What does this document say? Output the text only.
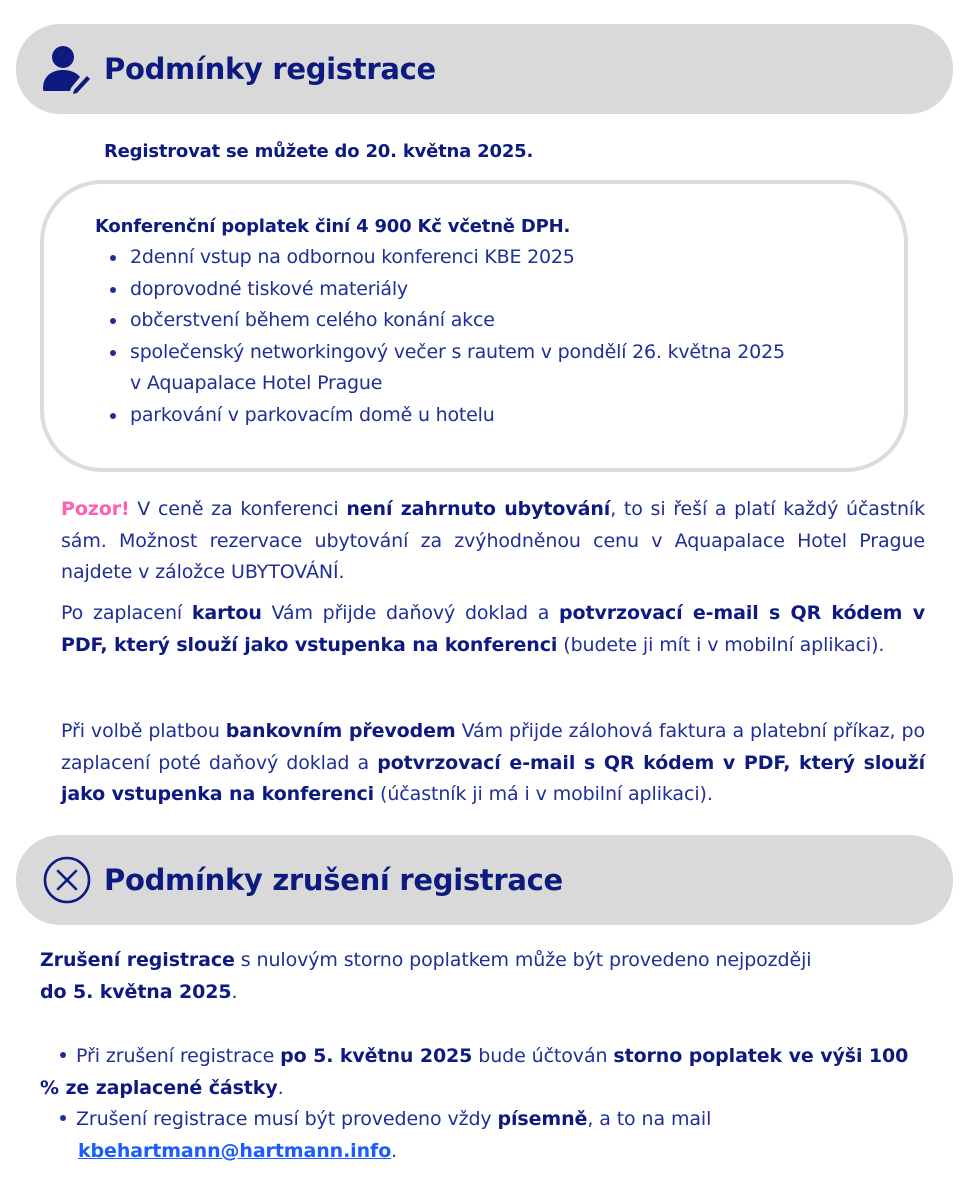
Podmínky registrace
Registrovat se můžete do 20. května 2025.
Konferenční poplatek činí 4 900 Kč včetně DPH.
2denní vstup na odbornou konferenci KBE 2025
doprovodné tiskové materiály
občerstvení během celého konání akce
společenský networkingový večer s rautem v pondělí 26. května 2025
v Aquapalace Hotel Prague
parkování v parkovacím domě u hotelu

Pozor! V ceně za konferenci není zahrnuto ubytování, to si řeší a platí každý účastník sám. Možnost rezervace ubytování za zvýhodněnou cenu v Aquapalace Hotel Prague najdete v záložce UBYTOVÁNÍ.

Po zaplacení kartou Vám přijde daňový doklad a potvrzovací e-mail s QR kódem v PDF, který slouží jako vstupenka na konferenci (budete ji mít i v mobilní aplikaci).

Při volbě platbou bankovním převodem Vám přijde zálohová faktura a platební příkaz, po zaplacení poté daňový doklad a potvrzovací e-mail s QR kódem v PDF, který slouží jako vstupenka na konferenci (účastník ji má i v mobilní aplikaci).

Podmínky zrušení registrace
Zrušení registrace s nulovým storno poplatkem může být provedeno nejpozději
do 5. května 2025.
Při zrušení registrace po 5. květnu 2025 bude účtován storno poplatek ve výši 100 % ze zaplacené částky.
Zrušení registrace musí být provedeno vždy písemně, a to na mail
kbehartmann@hartmann.info.
